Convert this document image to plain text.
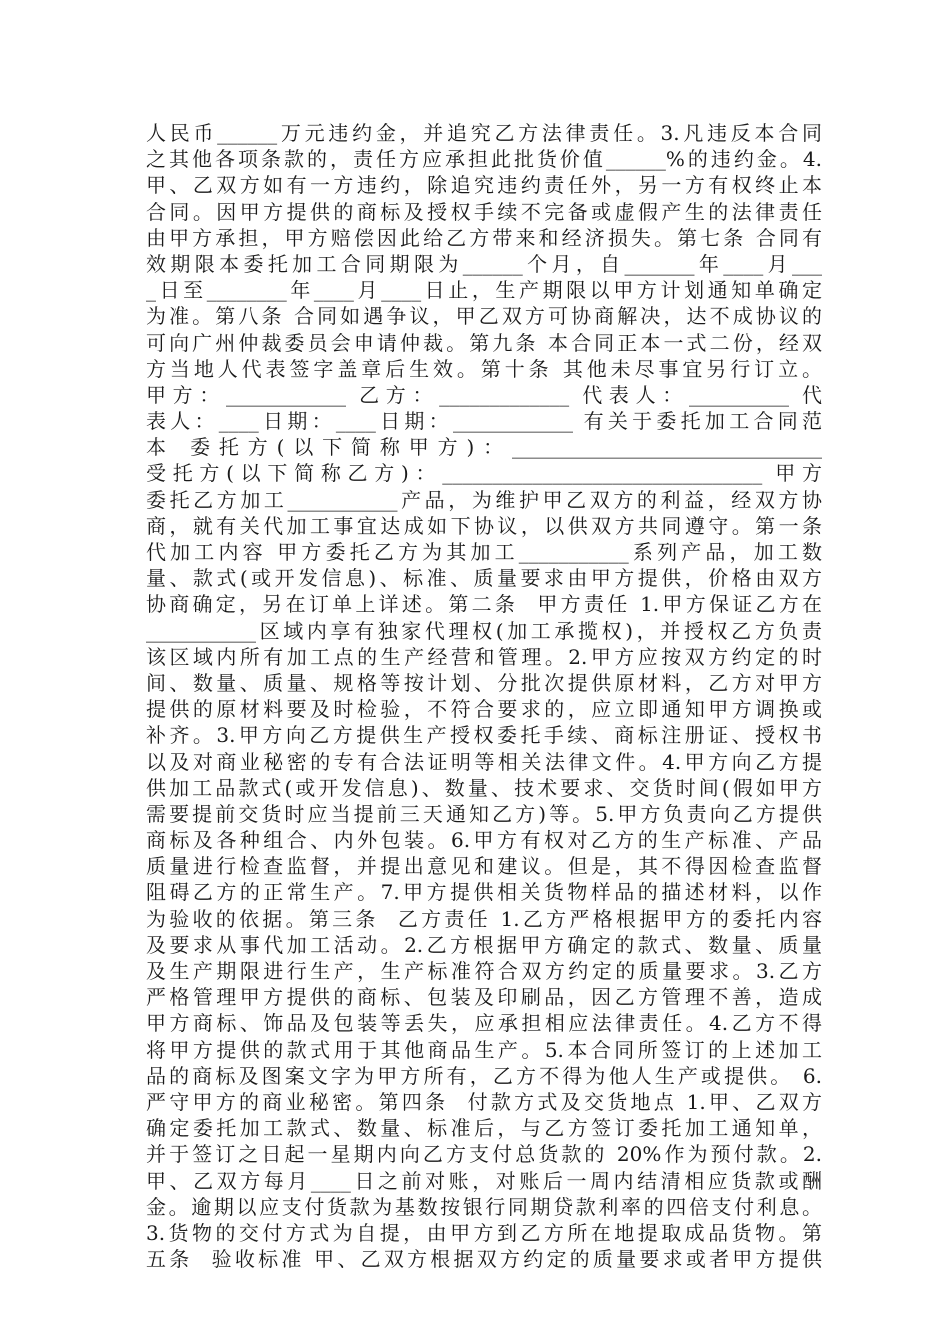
人民币______万元违约金，并追究乙方法律责任。3.凡违反本合同
之其他各项条款的，责任方应承担此批货价值______%的违约金。4.
甲、乙双方如有一方违约，除追究违约责任外，另一方有权终止本
合同。因甲方提供的商标及授权手续不完备或虚假产生的法律责任
由甲方承担，甲方赔偿因此给乙方带来和经济损失。第七条 合同有
效期限本委托加工合同期限为______个月，自_______年____月___
_日至________年____月____日止，生产期限以甲方计划通知单确定
为准。第八条 合同如遇争议，甲乙双方可协商解决，达不成协议的
可向广州仲裁委员会申请仲裁。第九条 本合同正本一式二份，经双
方当地人代表签字盖章后生效。第十条 其他未尽事宜另行订立。
甲方：____________ 乙方：_____________ 代表人：__________ 代
表人：____日期：____日期：____________ 有关于委托加工合同范
本 委托方(以下简称甲方)：_______________________________
受托方(以下简称乙方)：________________________________ 甲方
委托乙方加工___________产品，为维护甲乙双方的利益，经双方协
商，就有关代加工事宜达成如下协议，以供双方共同遵守。第一条
代加工内容 甲方委托乙方为其加工___________系列产品，加工数
量、款式(或开发信息)、标准、质量要求由甲方提供，价格由双方
协商确定，另在订单上详述。第二条  甲方责任 1.甲方保证乙方在
___________区域内享有独家代理权(加工承揽权)，并授权乙方负责
该区域内所有加工点的生产经营和管理。2.甲方应按双方约定的时
间、数量、质量、规格等按计划、分批次提供原材料，乙方对甲方
提供的原材料要及时检验，不符合要求的，应立即通知甲方调换或
补齐。3.甲方向乙方提供生产授权委托手续、商标注册证、授权书
以及对商业秘密的专有合法证明等相关法律文件。4.甲方向乙方提
供加工品款式(或开发信息)、数量、技术要求、交货时间(假如甲方
需要提前交货时应当提前三天通知乙方)等。5.甲方负责向乙方提供
商标及各种组合、内外包装。6.甲方有权对乙方的生产标准、产品
质量进行检查监督，并提出意见和建议。但是，其不得因检查监督
阻碍乙方的正常生产。7.甲方提供相关货物样品的描述材料，以作
为验收的依据。第三条  乙方责任 1.乙方严格根据甲方的委托内容
及要求从事代加工活动。2.乙方根据甲方确定的款式、数量、质量
及生产期限进行生产，生产标准符合双方约定的质量要求。3.乙方
严格管理甲方提供的商标、包装及印刷品，因乙方管理不善，造成
甲方商标、饰品及包装等丢失，应承担相应法律责任。4.乙方不得
将甲方提供的款式用于其他商品生产。5.本合同所签订的上述加工
品的商标及图案文字为甲方所有，乙方不得为他人生产或提供。 6.
严守甲方的商业秘密。第四条  付款方式及交货地点 1.甲、乙双方
确定委托加工款式、数量、标准后，与乙方签订委托加工通知单，
并于签订之日起一星期内向乙方支付总货款的 20%作为预付款。2.
甲、乙双方每月____日之前对账，对账后一周内结清相应货款或酬
金。逾期以应支付货款为基数按银行同期贷款利率的四倍支付利息。
3.货物的交付方式为自提，由甲方到乙方所在地提取成品货物。第
五条  验收标准 甲、乙双方根据双方约定的质量要求或者甲方提供
